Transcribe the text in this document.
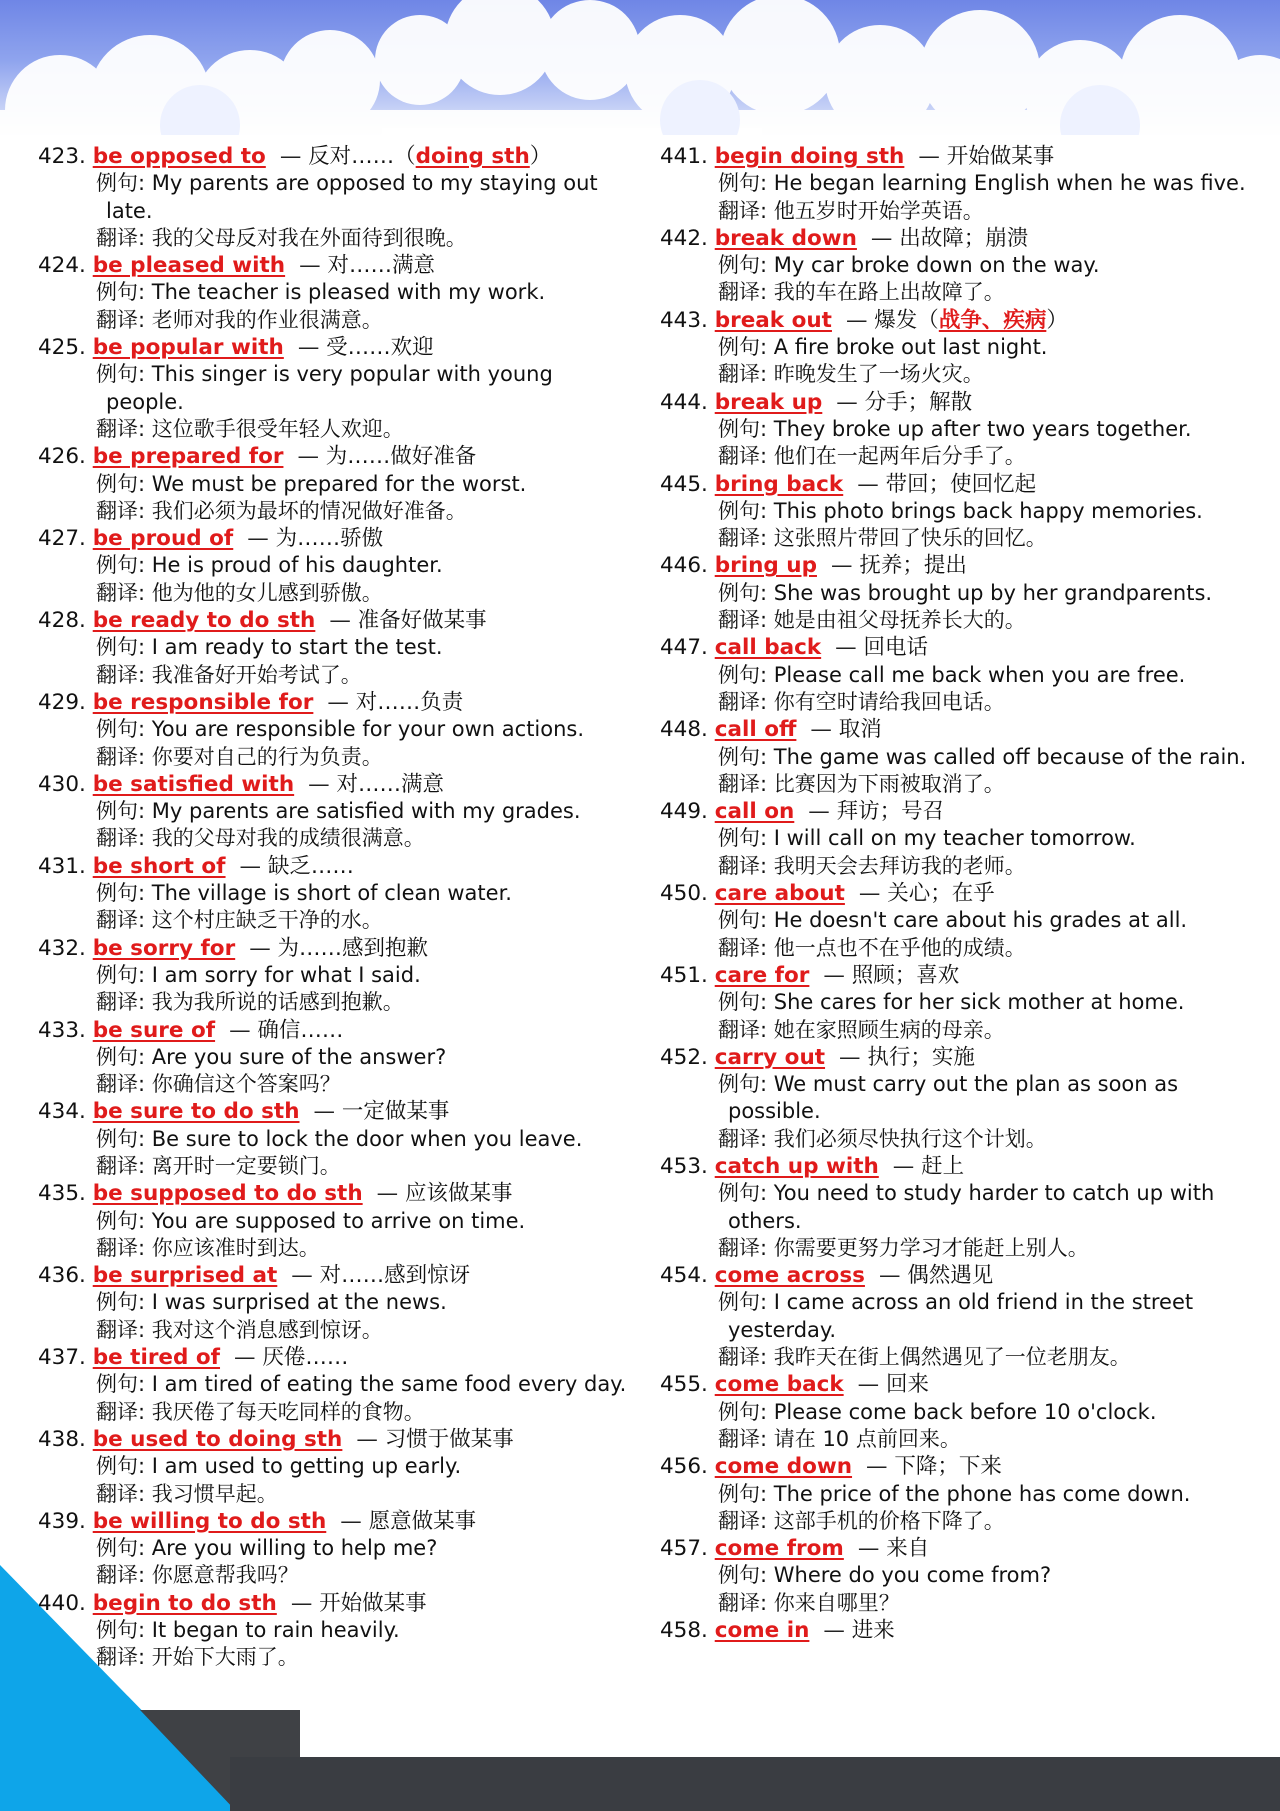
423. be opposed to — 反对……（doing sth）
例句: My parents are opposed to my staying out late.
翻译: 我的父母反对我在外面待到很晚。
424. be pleased with — 对……满意
例句: The teacher is pleased with my work.
翻译: 老师对我的作业很满意。
425. be popular with — 受……欢迎
例句: This singer is very popular with young people.
翻译: 这位歌手很受年轻人欢迎。
426. be prepared for — 为……做好准备
例句: We must be prepared for the worst.
翻译: 我们必须为最坏的情况做好准备。
427. be proud of — 为……骄傲
例句: He is proud of his daughter.
翻译: 他为他的女儿感到骄傲。
428. be ready to do sth — 准备好做某事
例句: I am ready to start the test.
翻译: 我准备好开始考试了。
429. be responsible for — 对……负责
例句: You are responsible for your own actions.
翻译: 你要对自己的行为负责。
430. be satisfied with — 对……满意
例句: My parents are satisfied with my grades.
翻译: 我的父母对我的成绩很满意。
431. be short of — 缺乏……
例句: The village is short of clean water.
翻译: 这个村庄缺乏干净的水。
432. be sorry for — 为……感到抱歉
例句: I am sorry for what I said.
翻译: 我为我所说的话感到抱歉。
433. be sure of — 确信……
例句: Are you sure of the answer?
翻译: 你确信这个答案吗？
434. be sure to do sth — 一定做某事
例句: Be sure to lock the door when you leave.
翻译: 离开时一定要锁门。
435. be supposed to do sth — 应该做某事
例句: You are supposed to arrive on time.
翻译: 你应该准时到达。
436. be surprised at — 对……感到惊讶
例句: I was surprised at the news.
翻译: 我对这个消息感到惊讶。
437. be tired of — 厌倦……
例句: I am tired of eating the same food every day.
翻译: 我厌倦了每天吃同样的食物。
438. be used to doing sth — 习惯于做某事
例句: I am used to getting up early.
翻译: 我习惯早起。
439. be willing to do sth — 愿意做某事
例句: Are you willing to help me?
翻译: 你愿意帮我吗？
440. begin to do sth — 开始做某事
例句: It began to rain heavily.
翻译: 开始下大雨了。
441. begin doing sth — 开始做某事
例句: He began learning English when he was five.
翻译: 他五岁时开始学英语。
442. break down — 出故障；崩溃
例句: My car broke down on the way.
翻译: 我的车在路上出故障了。
443. break out — 爆发（战争、疾病）
例句: A fire broke out last night.
翻译: 昨晚发生了一场火灾。
444. break up — 分手；解散
例句: They broke up after two years together.
翻译: 他们在一起两年后分手了。
445. bring back — 带回；使回忆起
例句: This photo brings back happy memories.
翻译: 这张照片带回了快乐的回忆。
446. bring up — 抚养；提出
例句: She was brought up by her grandparents.
翻译: 她是由祖父母抚养长大的。
447. call back — 回电话
例句: Please call me back when you are free.
翻译: 你有空时请给我回电话。
448. call off — 取消
例句: The game was called off because of the rain.
翻译: 比赛因为下雨被取消了。
449. call on — 拜访；号召
例句: I will call on my teacher tomorrow.
翻译: 我明天会去拜访我的老师。
450. care about — 关心；在乎
例句: He doesn't care about his grades at all.
翻译: 他一点也不在乎他的成绩。
451. care for — 照顾；喜欢
例句: She cares for her sick mother at home.
翻译: 她在家照顾生病的母亲。
452. carry out — 执行；实施
例句: We must carry out the plan as soon as possible.
翻译: 我们必须尽快执行这个计划。
453. catch up with — 赶上
例句: You need to study harder to catch up with others.
翻译: 你需要更努力学习才能赶上别人。
454. come across — 偶然遇见
例句: I came across an old friend in the street yesterday.
翻译: 我昨天在街上偶然遇见了一位老朋友。
455. come back — 回来
例句: Please come back before 10 o'clock.
翻译: 请在 10 点前回来。
456. come down — 下降；下来
例句: The price of the phone has come down.
翻译: 这部手机的价格下降了。
457. come from — 来自
例句: Where do you come from?
翻译: 你来自哪里？
458. come in — 进来
